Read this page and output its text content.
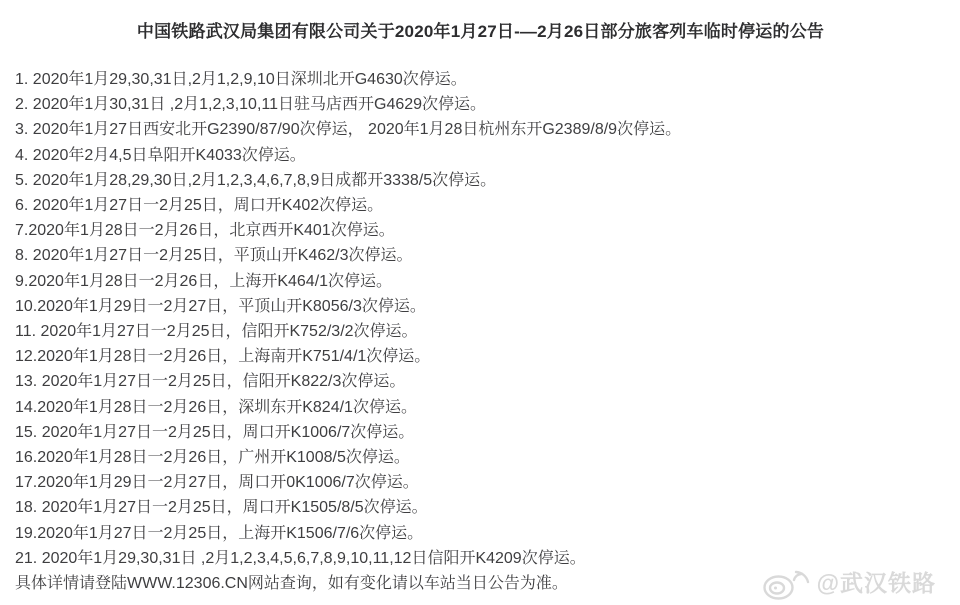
中国铁路武汉局集团有限公司关于2020年1月27日-—2月26日部分旅客列车临时停运的公告
1. 2020年1月29,30,31日,2月1,2,9,10日深圳北开G4630次停运。
2. 2020年1月30,31日 ,2月1,2,3,10,11日驻马店西开G4629次停运。
3. 2020年1月27日西安北开G2390/87/90次停运， 2020年1月28日杭州东开G2389/8/9次停运。
4. 2020年2月4,5日阜阳开K4033次停运。
5. 2020年1月28,29,30日,2月1,2,3,4,6,7,8,9日成都开3338/5次停运。
6. 2020年1月27日一2月25日，周口开K402次停运。
7.2020年1月28日一2月26日，北京西开K401次停运。
8. 2020年1月27日一2月25日，平顶山开K462/3次停运。
9.2020年1月28日一2月26日，上海开K464/1次停运。
10.2020年1月29日一2月27日，平顶山开K8056/3次停运。
11. 2020年1月27日一2月25日，信阳开K752/3/2次停运。
12.2020年1月28日一2月26日，上海南开K751/4/1次停运。
13. 2020年1月27日一2月25日，信阳开K822/3次停运。
14.2020年1月28日一2月26日，深圳东开K824/1次停运。
15. 2020年1月27日一2月25日，周口开K1006/7次停运。
16.2020年1月28日一2月26日，广州开K1008/5次停运。
17.2020年1月29日一2月27日，周口开0K1006/7次停运。
18. 2020年1月27日一2月25日，周口开K1505/8/5次停运。
19.2020年1月27日一2月25日，上海开K1506/7/6次停运。
21. 2020年1月29,30,31日 ,2月1,2,3,4,5,6,7,8,9,10,11,12日信阳开K4209次停运。
具体详情请登陆WWW.12306.CN网站查询，如有变化请以车站当日公告为准。	@武汉铁路
